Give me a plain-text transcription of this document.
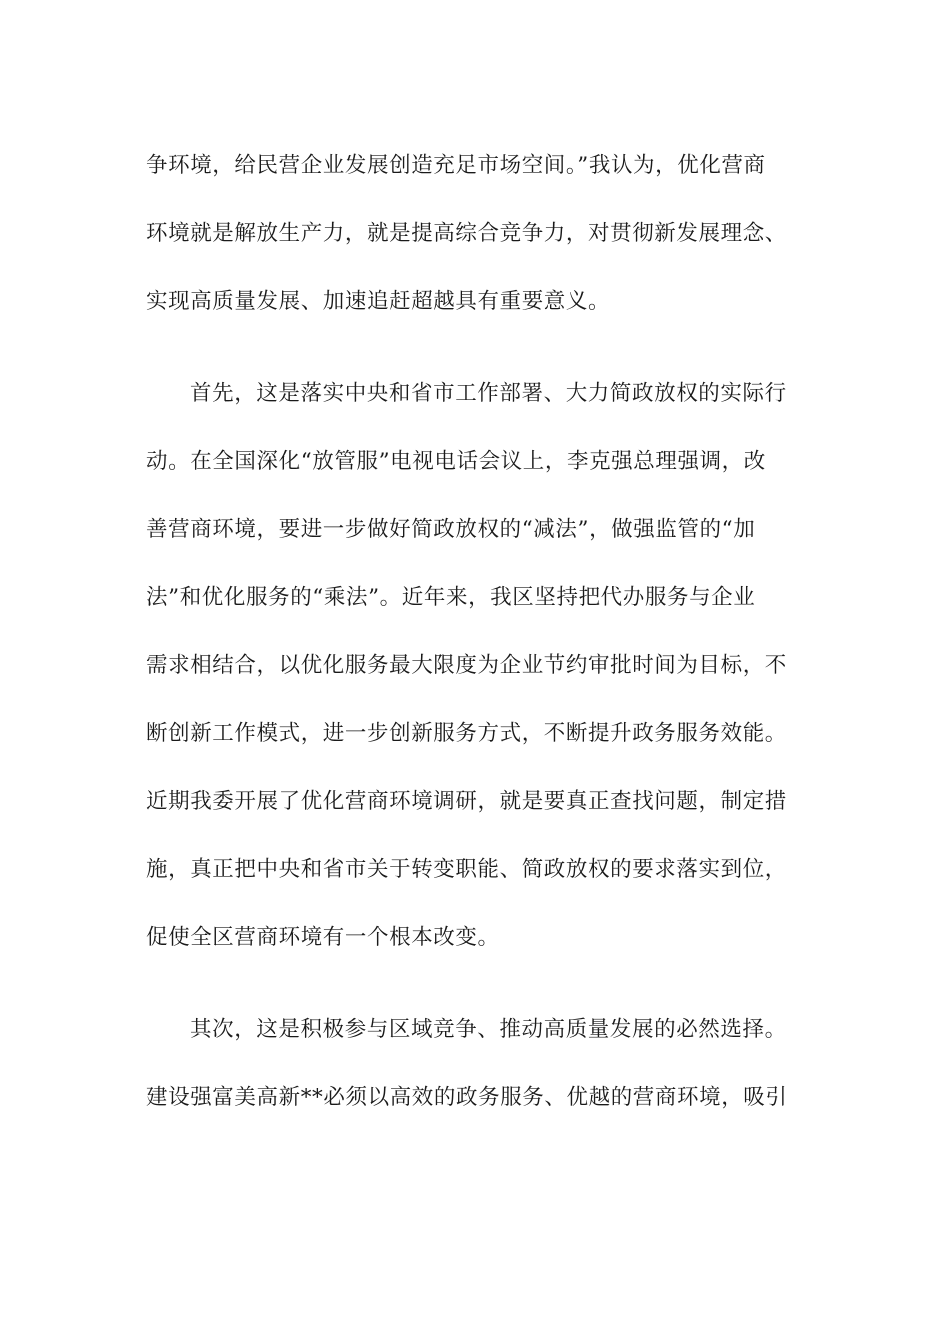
争环境，给民营企业发展创造充足市场空间。”我认为，优化营商

环境就是解放生产力，就是提高综合竞争力，对贯彻新发展理念、

实现高质量发展、加速追赶超越具有重要意义。

首先，这是落实中央和省市工作部署、大力简政放权的实际行

动。在全国深化“放管服”电视电话会议上，李克强总理强调，改

善营商环境，要进一步做好简政放权的“减法”，做强监管的“加

法”和优化服务的“乘法”。近年来，我区坚持把代办服务与企业

需求相结合，以优化服务最大限度为企业节约审批时间为目标，不

断创新工作模式，进一步创新服务方式，不断提升政务服务效能。

近期我委开展了优化营商环境调研，就是要真正查找问题，制定措

施，真正把中央和省市关于转变职能、简政放权的要求落实到位，

促使全区营商环境有一个根本改变。

其次，这是积极参与区域竞争、推动高质量发展的必然选择。

建设强富美高新**必须以高效的政务服务、优越的营商环境，吸引
